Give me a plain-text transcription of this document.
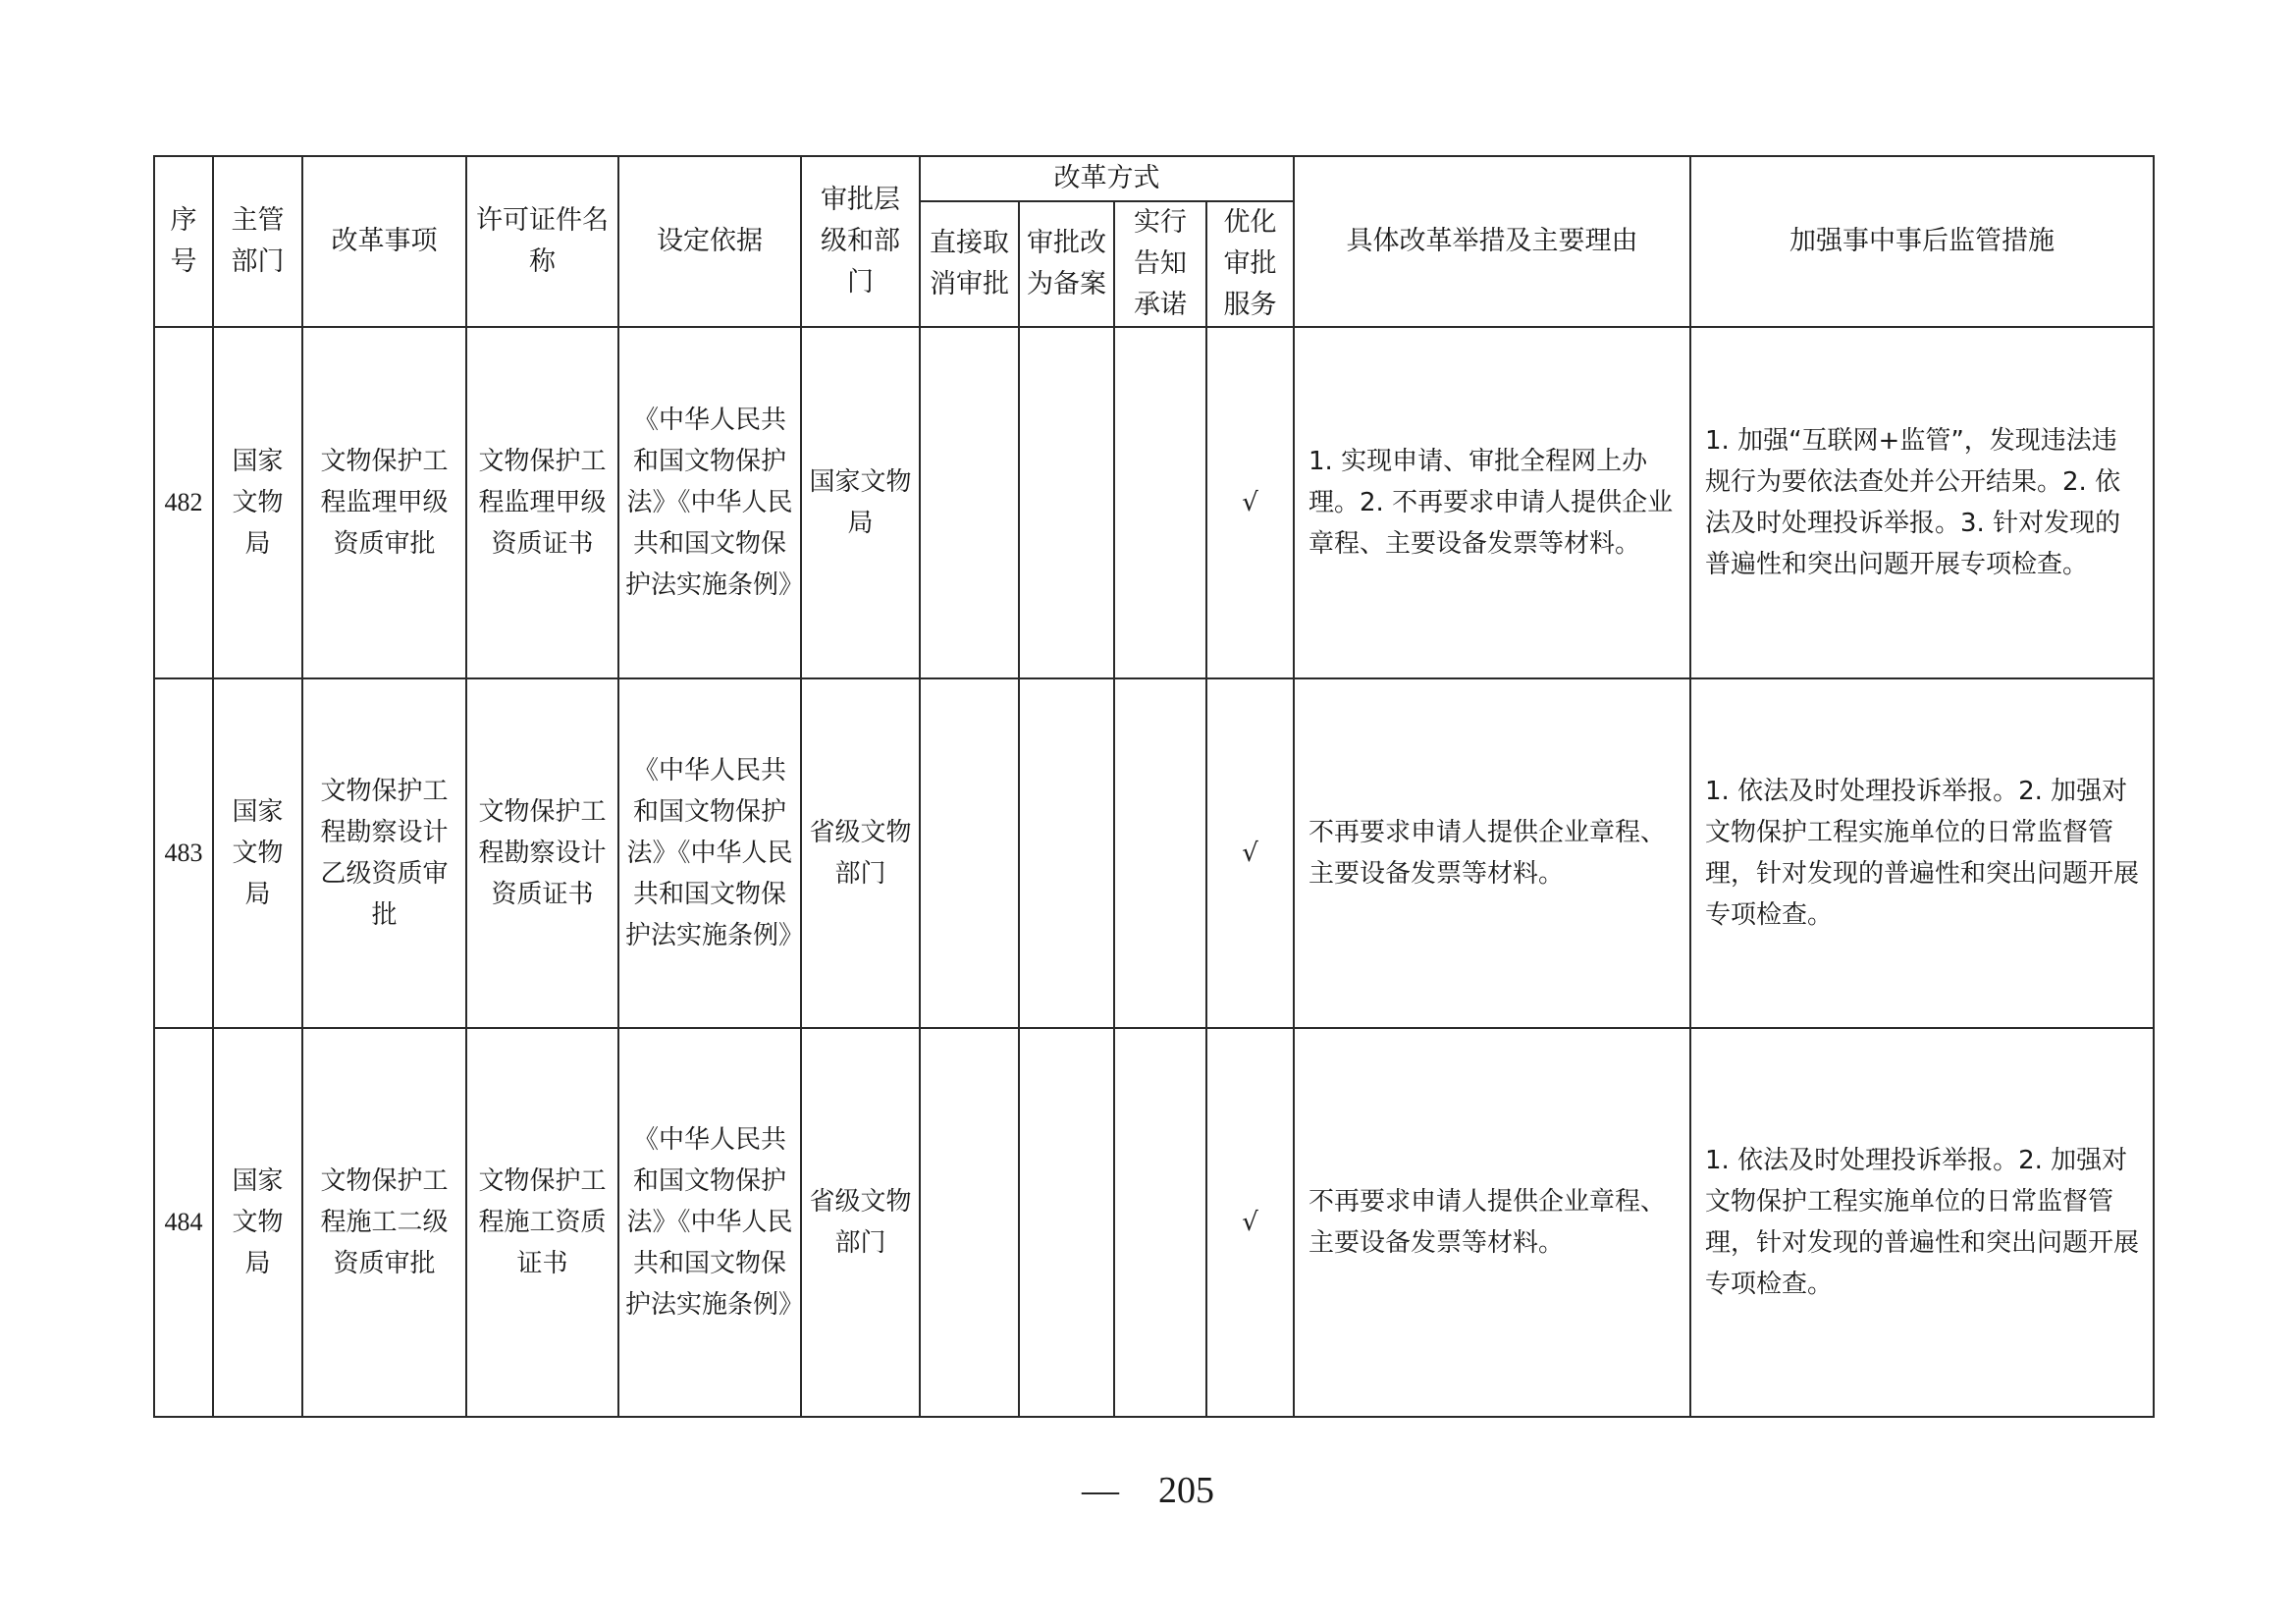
序号	主管部门	改革事项	许可证件名称	设定依据	审批层级和部门	改革方式				具体改革举措及主要理由	加强事中事后监管措施
						直接取消审批	审批改为备案	实行告知承诺	优化审批服务		
482	国家文物局	文物保护工程监理甲级资质审批	文物保护工程监理甲级资质证书	《中华人民共和国文物保护法》《中华人民共和国文物保护法实施条例》	国家文物局				√	1. 实现申请、审批全程网上办理。2. 不再要求申请人提供企业章程、主要设备发票等材料。	1. 加强“互联网+监管”，发现违法违规行为要依法查处并公开结果。2. 依法及时处理投诉举报。3. 针对发现的普遍性和突出问题开展专项检查。
483	国家文物局	文物保护工程勘察设计乙级资质审批	文物保护工程勘察设计资质证书	《中华人民共和国文物保护法》《中华人民共和国文物保护法实施条例》	省级文物部门				√	不再要求申请人提供企业章程、主要设备发票等材料。	1. 依法及时处理投诉举报。2. 加强对文物保护工程实施单位的日常监督管理，针对发现的普遍性和突出问题开展专项检查。
484	国家文物局	文物保护工程施工二级资质审批	文物保护工程施工资质证书	《中华人民共和国文物保护法》《中华人民共和国文物保护法实施条例》	省级文物部门				√	不再要求申请人提供企业章程、主要设备发票等材料。	1. 依法及时处理投诉举报。2. 加强对文物保护工程实施单位的日常监督管理，针对发现的普遍性和突出问题开展专项检查。
— 205
